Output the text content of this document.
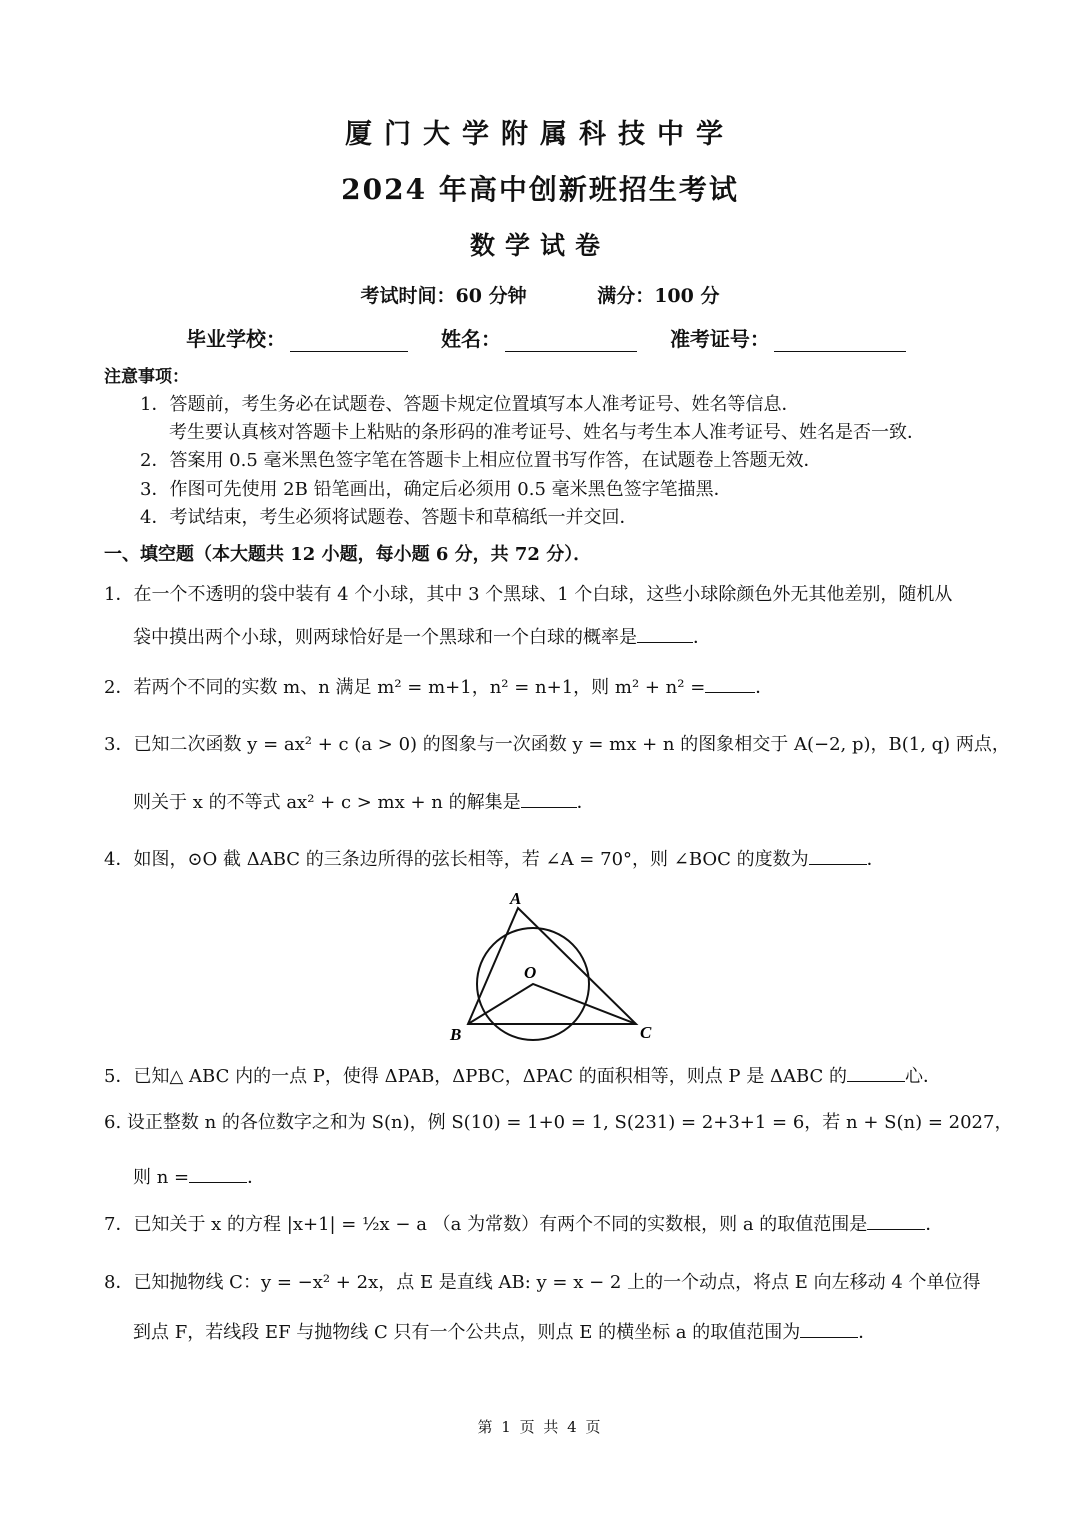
厦门大学附属科技中学
2024 年高中创新班招生考试
数学试卷
考试时间：60 分钟	满分：100 分
毕业学校：	姓名：	准考证号：
注意事项：
1．答题前，考生务必在试题卷、答题卡规定位置填写本人准考证号、姓名等信息．
考生要认真核对答题卡上粘贴的条形码的准考证号、姓名与考生本人准考证号、姓名是否一致．
2．答案用 0.5 毫米黑色签字笔在答题卡上相应位置书写作答，在试题卷上答题无效．
3．作图可先使用 2B 铅笔画出，确定后必须用 0.5 毫米黑色签字笔描黑．
4．考试结束，考生必须将试题卷、答题卡和草稿纸一并交回．
一、填空题（本大题共 12 小题，每小题 6 分，共 72 分）．
1．在一个不透明的袋中装有 4 个小球，其中 3 个黑球、1 个白球，这些小球除颜色外无其他差别，随机从
袋中摸出两个小球，则两球恰好是一个黑球和一个白球的概率是	．
2．若两个不同的实数 m、n 满足 m² = m+1，n² = n+1，则 m² + n² =	．
3．已知二次函数 y = ax² + c (a > 0) 的图象与一次函数 y = mx + n 的图象相交于 A(−2, p)，B(1, q) 两点，
则关于 x 的不等式 ax² + c > mx + n 的解集是	．
4．如图，⊙O 截 ΔABC 的三条边所得的弦长相等，若 ∠A = 70°，则 ∠BOC 的度数为	．
A
B	C
O
5．已知△ ABC 内的一点 P，使得 ΔPAB，ΔPBC，ΔPAC 的面积相等，则点 P 是 ΔABC 的	心．
6. 设正整数 n 的各位数字之和为 S(n)，例 S(10) = 1+0 = 1, S(231) = 2+3+1 = 6，若 n + S(n) = 2027，
则 n =	．
7．已知关于 x 的方程 |x+1| = ½x − a （a 为常数）有两个不同的实数根，则 a 的取值范围是	．
8．已知抛物线 C：y = −x² + 2x，点 E 是直线 AB: y = x − 2 上的一个动点，将点 E 向左移动 4 个单位得
到点 F，若线段 EF 与抛物线 C 只有一个公共点，则点 E 的横坐标 a 的取值范围为	．
第 1 页 共 4 页
